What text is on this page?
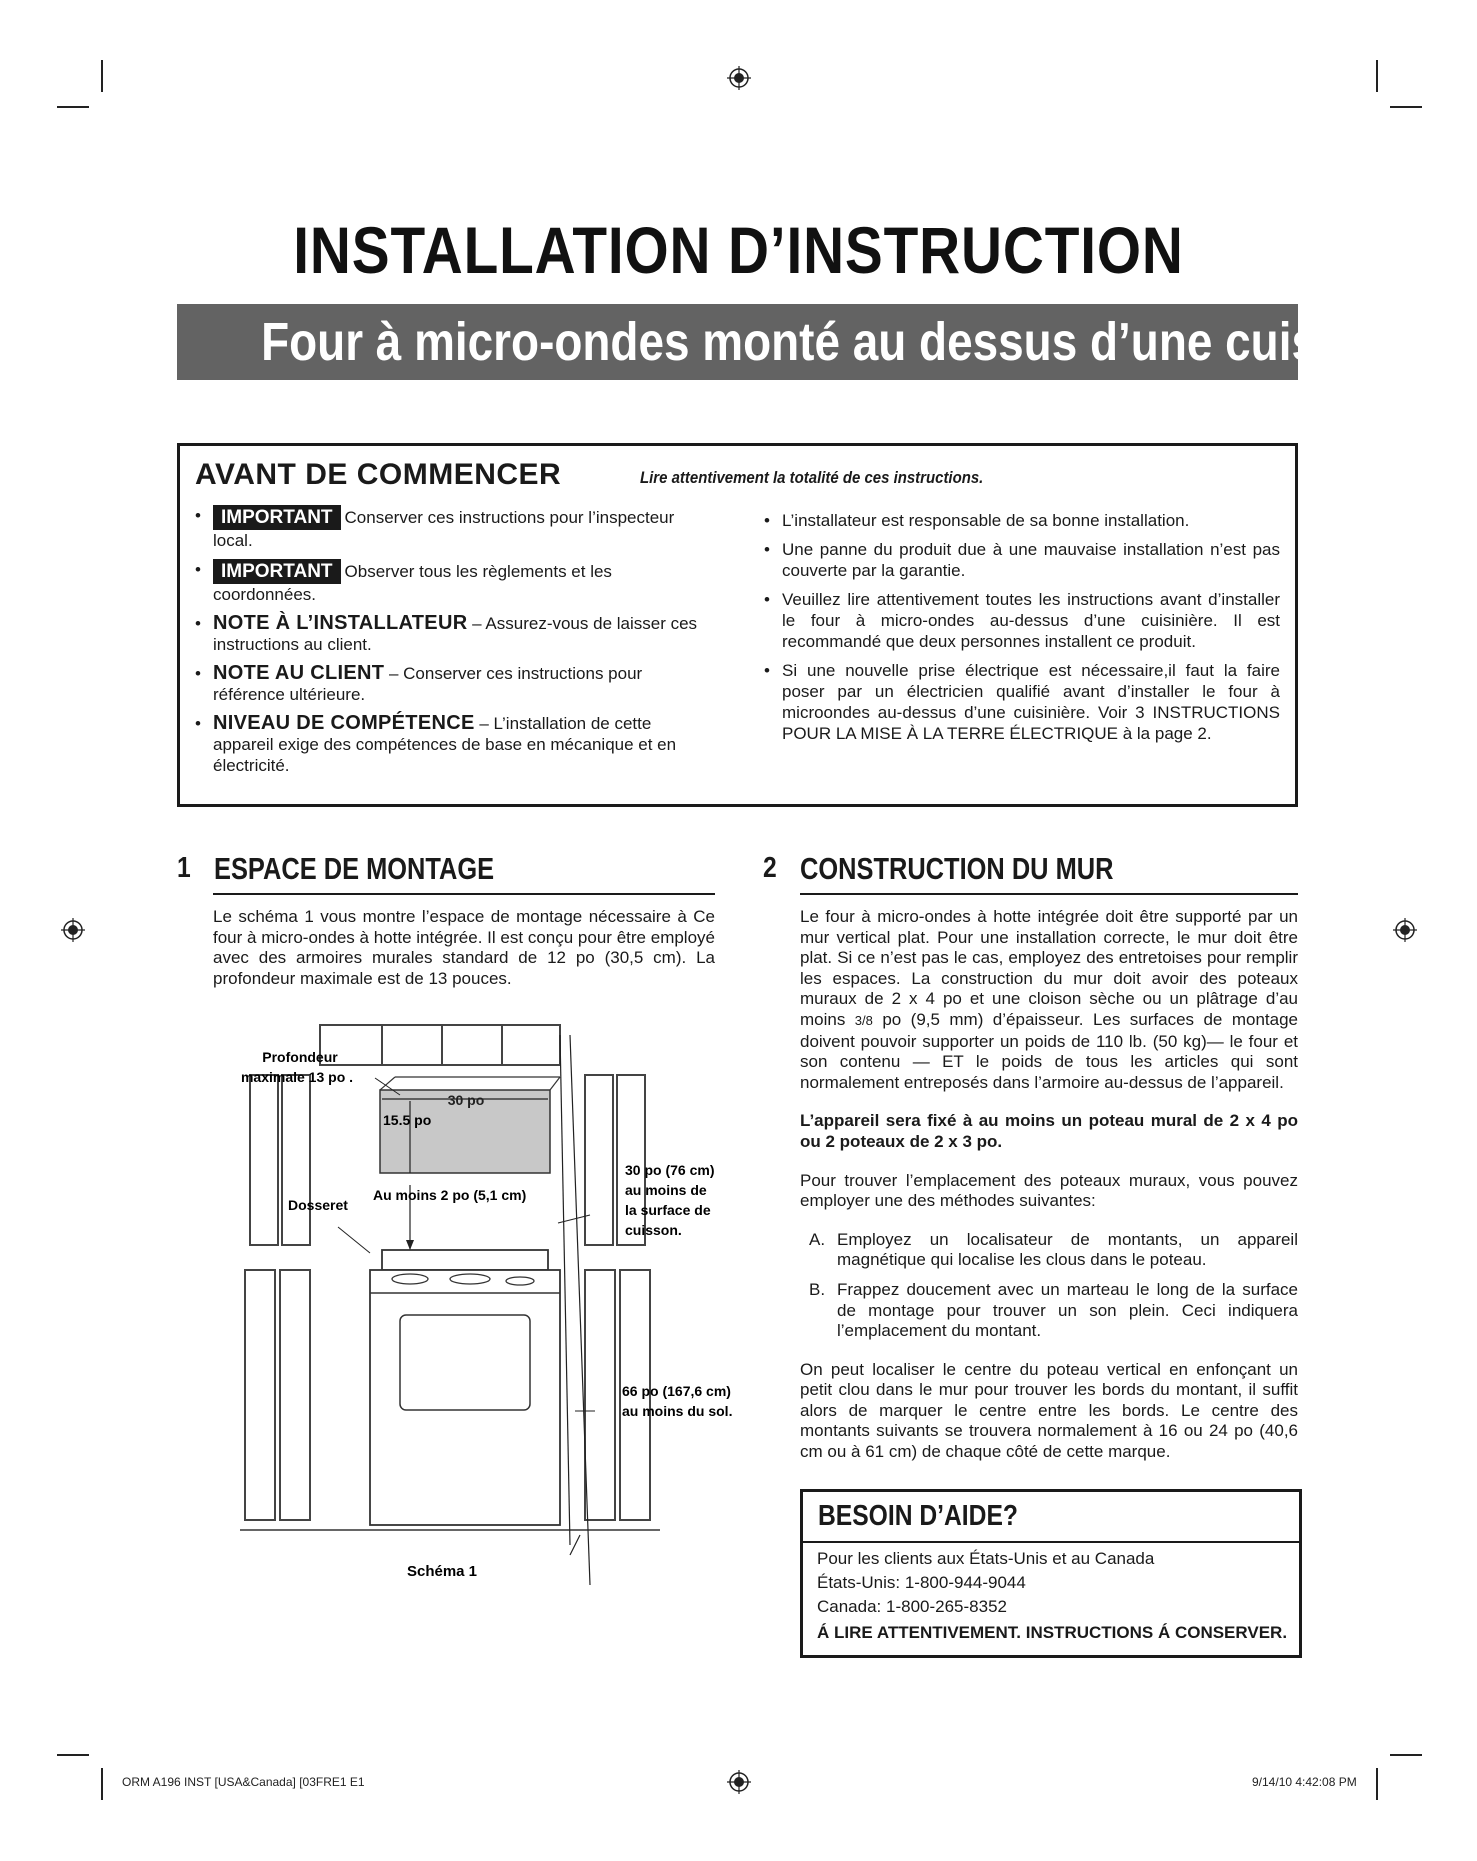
INSTALLATION D’INSTRUCTION
Four à micro-ondes monté au dessus d’une cuisinière
AVANT DE COMMENCER	Lire attentivement la totalité de ces instructions.
• IMPORTANT Conserver ces instructions pour l’inspecteur local.
• IMPORTANT Observer tous les règlements et les coordonnées.
• NOTE À L’INSTALLATEUR – Assurez-vous de laisser ces instructions au client.
• NOTE AU CLIENT – Conserver ces instructions pour référence ultérieure.
• NIVEAU DE COMPÉTENCE – L’installation de cette appareil exige des compétences de base en mécanique et en électricité.
• L’installateur est responsable de sa bonne installation.
• Une panne du produit due à une mauvaise installation n’est pas couverte par la garantie.
• Veuillez lire attentivement toutes les instructions avant d’installer le four à micro-ondes au-dessus d’une cuisinière. Il est recommandé que deux personnes installent ce produit.
• Si une nouvelle prise électrique est nécessaire,il faut la faire poser par un électricien qualifié avant d’installer le four à microondes au-dessus d’une cuisinière. Voir 3 INSTRUCTIONS POUR LA MISE À LA TERRE ÉLECTRIQUE à la page 2.
1 ESPACE DE MONTAGE
Le schéma 1 vous montre l’espace de montage nécessaire à Ce four à micro-ondes à hotte intégrée. Il est conçu pour être employé avec des armoires murales standard de 12 po (30,5 cm). La profondeur maximale est de 13 pouces.
Profondeur
maximale 13 po .
30 po
15.5 po
Dosseret
Au moins 2 po (5,1 cm)
30 po (76 cm)
au moins de
la surface de
cuisson.
66 po (167,6 cm)
au moins du sol.
Schéma 1
2 CONSTRUCTION DU MUR

Le four à micro-ondes à hotte intégrée doit être supporté par un mur vertical plat. Pour une installation correcte, le mur doit être plat. Si ce n’est pas le cas, employez des entretoises pour remplir les espaces. La construction du mur doit avoir des poteaux muraux de 2 x 4 po et une cloison sèche ou un plâtrage d’au moins 3/8 po (9,5 mm) d’épaisseur. Les surfaces de montage doivent pouvoir supporter un poids de 110 lb. (50 kg)— le four et son contenu — ET le poids de tous les articles qui sont normalement entreposés dans l’armoire au-dessus de l’appareil.

L’appareil sera fixé à au moins un poteau mural de 2 x 4 po ou 2 poteaux de 2 x 3 po.

Pour trouver l’emplacement des poteaux muraux, vous pouvez employer une des méthodes suivantes:

A. Employez un localisateur de montants, un appareil magnétique qui localise les clous dans le poteau.
B. Frappez doucement avec un marteau le long de la surface de montage pour trouver un son plein. Ceci indiquera l’emplacement du montant.

On peut localiser le centre du poteau vertical en enfonçant un petit clou dans le mur pour trouver les bords du montant, il suffit alors de marquer le centre entre les bords. Le centre des montants suivants se trouvera normalement à 16 ou 24 po (40,6 cm ou à 61 cm) de chaque côté de cette marque.

BESOIN D’AIDE?
Pour les clients aux États-Unis et au Canada
États-Unis: 1-800-944-9044
Canada: 1-800-265-8352
Á LIRE ATTENTIVEMENT. INSTRUCTIONS Á CONSERVER.
ORM A196 INST [USA&Canada] [03FRE1 E1	9/14/10 4:42:08 PM
